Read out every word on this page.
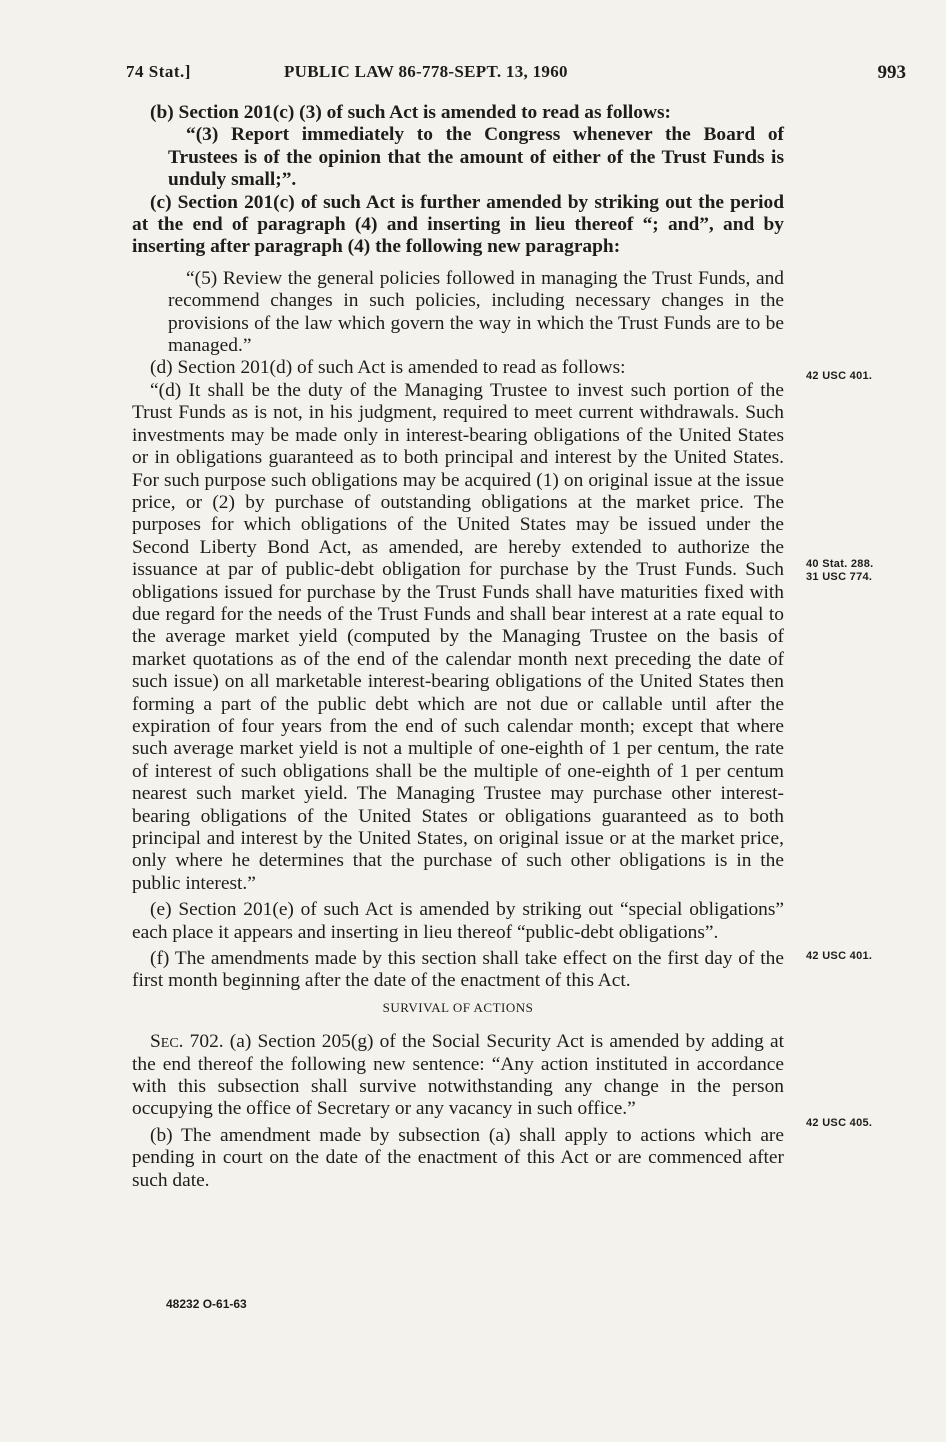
74 Stat.]	PUBLIC LAW 86-778-SEPT. 13, 1960	993

(b) Section 201(c) (3) of such Act is amended to read as follows:

“(3) Report immediately to the Congress whenever the Board of Trustees is of the opinion that the amount of either of the Trust Funds is unduly small;”.

(c) Section 201(c) of such Act is further amended by striking out the period at the end of paragraph (4) and inserting in lieu thereof “; and”, and by inserting after paragraph (4) the following new paragraph:

“(5) Review the general policies followed in managing the Trust Funds, and recommend changes in such policies, including necessary changes in the provisions of the law which govern the way in which the Trust Funds are to be managed.”

(d) Section 201(d) of such Act is amended to read as follows:

“(d) It shall be the duty of the Managing Trustee to invest such portion of the Trust Funds as is not, in his judgment, required to meet current withdrawals. Such investments may be made only in interest-bearing obligations of the United States or in obligations guaranteed as to both principal and interest by the United States. For such purpose such obligations may be acquired (1) on original issue at the issue price, or (2) by purchase of outstanding obligations at the market price. The purposes for which obligations of the United States may be issued under the Second Liberty Bond Act, as amended, are hereby extended to authorize the issuance at par of public-debt obligation for purchase by the Trust Funds. Such obligations issued for purchase by the Trust Funds shall have maturities fixed with due regard for the needs of the Trust Funds and shall bear interest at a rate equal to the average market yield (computed by the Managing Trustee on the basis of market quotations as of the end of the calendar month next preceding the date of such issue) on all marketable interest-bearing obligations of the United States then forming a part of the public debt which are not due or callable until after the expiration of four years from the end of such calendar month; except that where such average market yield is not a multiple of one-eighth of 1 per centum, the rate of interest of such obligations shall be the multiple of one-eighth of 1 per centum nearest such market yield. The Managing Trustee may purchase other interest-bearing obligations of the United States or obligations guaranteed as to both principal and interest by the United States, on original issue or at the market price, only where he determines that the purchase of such other obligations is in the public interest.”

(e) Section 201(e) of such Act is amended by striking out “special obligations” each place it appears and inserting in lieu thereof “public-debt obligations”.

(f) The amendments made by this section shall take effect on the first day of the first month beginning after the date of the enactment of this Act.

SURVIVAL OF ACTIONS

Sec. 702. (a) Section 205(g) of the Social Security Act is amended by adding at the end thereof the following new sentence: “Any action instituted in accordance with this subsection shall survive notwithstanding any change in the person occupying the office of Secretary or any vacancy in such office.”

(b) The amendment made by subsection (a) shall apply to actions which are pending in court on the date of the enactment of this Act or are commenced after such date.

42 USC 401.
40 Stat. 288.
31 USC 774.
42 USC 401.
42 USC 405.
48232 O-61-63
